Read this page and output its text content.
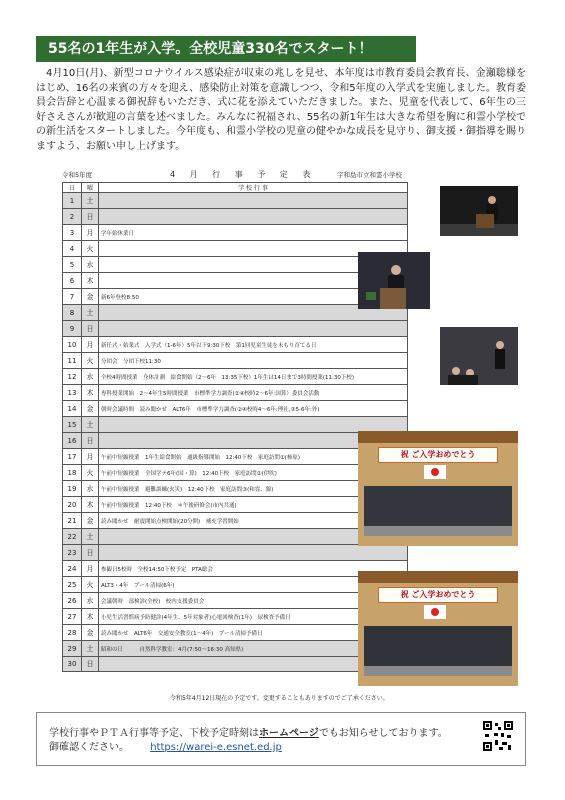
55名の1年生が入学。全校児童330名でスタート！
4月10日(月)、新型コロナウイルス感染症が収束の兆しを見せ、本年度は市教育委員会教育長、金瀬聡様をはじめ、16名の来賓の方々を迎え、感染防止対策を意識しつつ、令和5年度の入学式を実施しました。教育委員会告辞と心温まる御祝辞もいただき、式に花を添えていただきました。また、児童を代表して、6年生の三好さえさんが歓迎の言葉を述べました。みんなに祝福され、55名の新1年生は大きな希望を胸に和霊小学校での新生活をスタートしました。今年度も、和霊小学校の児童の健やかな成長を見守り、御支援・御指導を賜りますよう、お願い申し上げます。
令和5年度	4 月 行 事 予 定 表	宇和島市立和霊小学校
日	曜	学 校 行 事
1	土	
2	日	
3	月	学年始休業日
4	火	
5	水	
6	木	
7	金	新6年登校8:50
8	土	
9	日	
10	月	新任式・始業式　入学式（1-6年）5年以下9:30下校　第1回児童生徒を未もり育てる日
11	火	分団会　分団下校11:30
12	水	全校4時間授業　身体計測　給食開始（2～6年　13:35下校）1年生は14日まで3時間授業(11:30下校)
13	木	専科授業開始　2～4年生5時間授業　市標準学力調査(②④校時2～6年:国算）委員会活動
14	金	朝時会議時間　読み聞かせ　ALT6年　市標準学力調査(②④校時4～6年:理社,③5-6年:外)
15	土	
16	日	
17	月	午前中短縮授業　1年生給食開始　通級指導開始　12:40下校　家庭訪問①(柿原)
18	火	午前中短縮授業　全国学テ6年(国・算)　12:40下校　家庭訪問②(伊吹)
19	水	午前中短縮授業　避難訓練(火災)　12:40下校　家庭訪問③(和霊、錦)
20	木	午前中短縮授業　12:40下校　＊午後研修会(市内共通)
21	金	読み聞かせ　耐震開始点検開始(20分開)　補充学習開始
22	土	
23	日	
24	月	参観日5校時　全校14:50下校予定　PTA総会
25	火	ALT3・4年　プール清掃(6年)
26	水	会議朝時　部検診(全校)　校内支援委員会
27	木	小児生活習慣病予防健診(4年生、5年対象者)心電図検査(1年)　尿検査予備日
28	金	読み聞かせ　ALT6年　交通安全教室(1～4年)　プール清掃予備日
29	土	昭和の日　　　自然科学教室：4月(7:50～16:30 高知県)
30	日	
令和5年4月12日現在の予定です。変更することもありますのでご了承ください。
祝 ご入学おめでとう
祝 ご入学おめでとう
学校行事やＰＴＡ行事等予定、下校予定時刻はホームページでもお知らせしております。
御確認ください。 https://warei-e.esnet.ed.jp
